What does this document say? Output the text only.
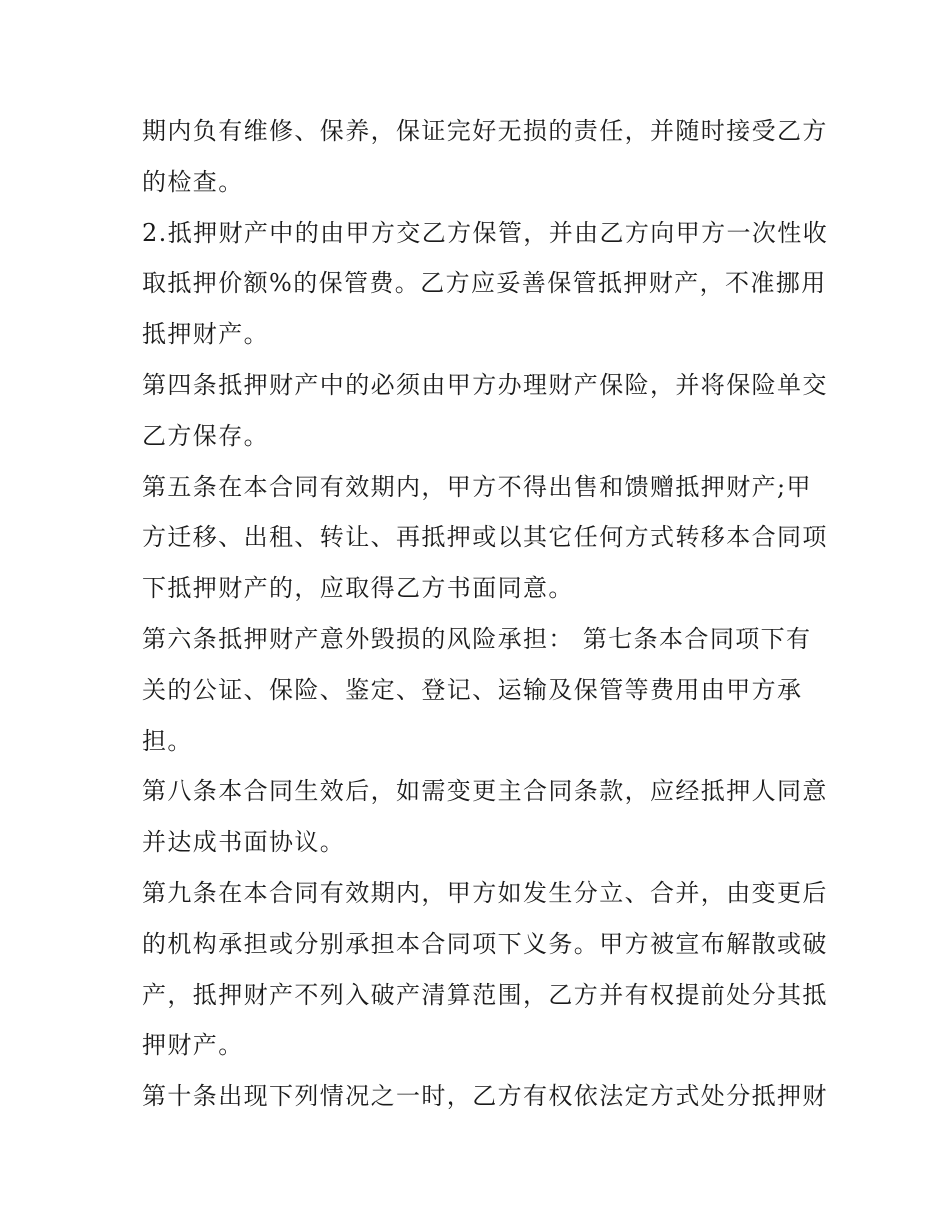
期内负有维修、保养，保证完好无损的责任，并随时接受乙方
的检查。
2.抵押财产中的由甲方交乙方保管，并由乙方向甲方一次性收
取抵押价额%的保管费。乙方应妥善保管抵押财产，不准挪用
抵押财产。
第四条抵押财产中的必须由甲方办理财产保险，并将保险单交
乙方保存。
第五条在本合同有效期内，甲方不得出售和馈赠抵押财产;甲
方迁移、出租、转让、再抵押或以其它任何方式转移本合同项
下抵押财产的，应取得乙方书面同意。
第六条抵押财产意外毁损的风险承担： 第七条本合同项下有
关的公证、保险、鉴定、登记、运输及保管等费用由甲方承
担。
第八条本合同生效后，如需变更主合同条款，应经抵押人同意
并达成书面协议。
第九条在本合同有效期内，甲方如发生分立、合并，由变更后
的机构承担或分别承担本合同项下义务。甲方被宣布解散或破
产，抵押财产不列入破产清算范围，乙方并有权提前处分其抵
押财产。
第十条出现下列情况之一时，乙方有权依法定方式处分抵押财
